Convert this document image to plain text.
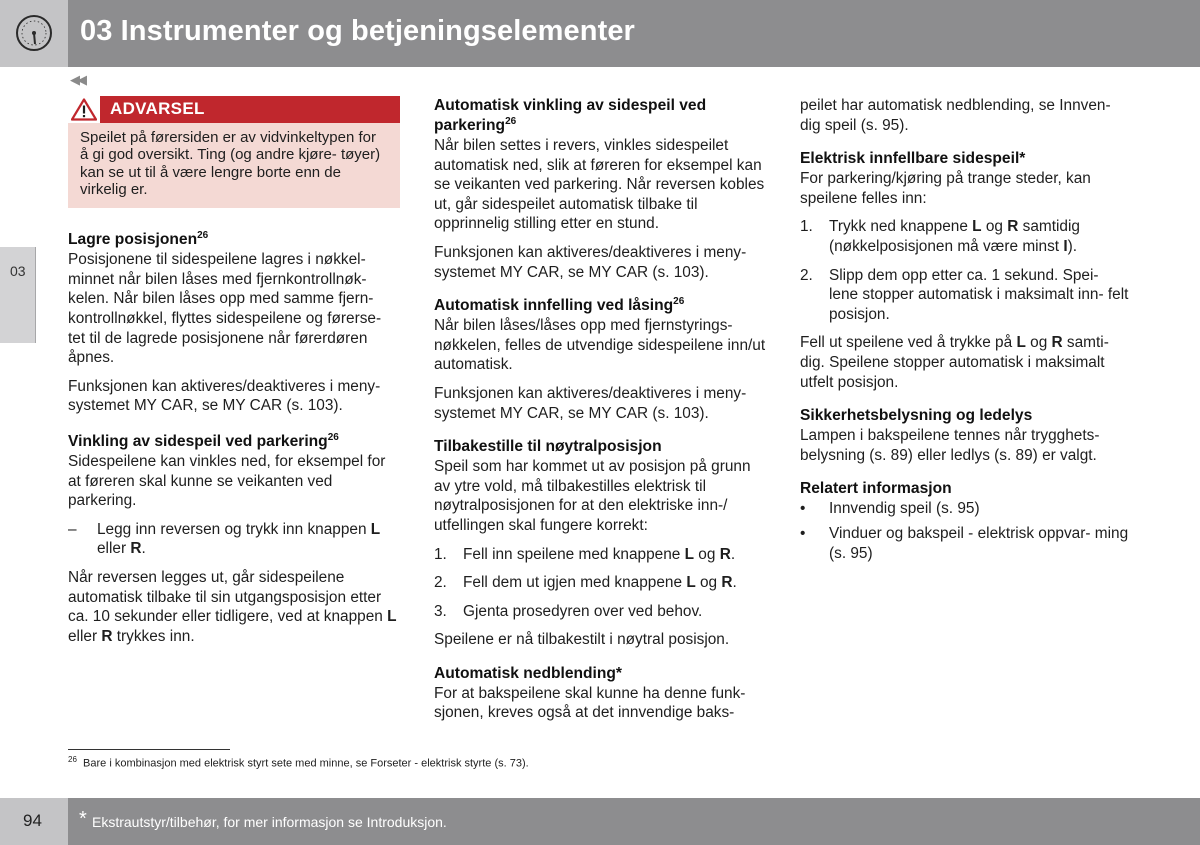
03 Instrumenter og betjeningselementer
◀◀
03
ADVARSEL
Speilet på førersiden er av vidvinkeltypen for å gi god oversikt. Ting (og andre kjøre- tøyer) kan se ut til å være lengre borte enn de virkelig er.
Lagre posisjonen$^{26}$

Posisjonene til sidespeilene lagres i nøkkel- minnet når bilen låses med fjernkontrollnøk- kelen. Når bilen låses opp med samme fjern- kontrollnøkkel, flyttes sidespeilene og førerse- tet til de lagrede posisjonene når førerdøren åpnes.

Funksjonen kan aktiveres/deaktiveres i meny- systemet MY CAR, se MY CAR (s. 103).

Vinkling av sidespeil ved parkering$^{26}$

Sidespeilene kan vinkles ned, for eksempel for at føreren skal kunne se veikanten ved parkering.

– Legg inn reversen og trykk inn knappen L
eller R.

Når reversen legges ut, går sidespeilene automatisk tilbake til sin utgangsposisjon etter ca. 10 sekunder eller tidligere, ved at knappen L eller R trykkes inn.

Automatisk vinkling av sidespeil ved parkering$^{26}$

Når bilen settes i revers, vinkles sidespeilet automatisk ned, slik at føreren for eksempel kan se veikanten ved parkering. Når reversen kobles ut, går sidespeilet automatisk tilbake til opprinnelig stilling etter en stund.

Funksjonen kan aktiveres/deaktiveres i meny- systemet MY CAR, se MY CAR (s. 103).

Automatisk innfelling ved låsing$^{26}$

Når bilen låses/låses opp med fjernstyrings- nøkkelen, felles de utvendige sidespeilene inn/ut automatisk.

Funksjonen kan aktiveres/deaktiveres i meny- systemet MY CAR, se MY CAR (s. 103).

Tilbakestille til nøytralposisjon

Speil som har kommet ut av posisjon på grunn av ytre vold, må tilbakestilles elektrisk til nøytralposisjonen for at den elektriske inn-/ utfellingen skal fungere korrekt:

1. Fell inn speilene med knappene L og R.
2. Fell dem ut igjen med knappene L og R.
3. Gjenta prosedyren over ved behov.

Speilene er nå tilbakestilt i nøytral posisjon.

Automatisk nedblending*

For at bakspeilene skal kunne ha denne funk- sjonen, kreves også at det innvendige baks-

peilet har automatisk nedblending, se Innven- dig speil (s. 95).

Elektrisk innfellbare sidespeil*

For parkering/kjøring på trange steder, kan speilene felles inn:

1. Trykk ned knappene L og R samtidig (nøkkelposisjonen må være minst I).
2. Slipp dem opp etter ca. 1 sekund. Spei- lene stopper automatisk i maksimalt inn- felt posisjon.

Fell ut speilene ved å trykke på L og R samti- dig. Speilene stopper automatisk i maksimalt utfelt posisjon.

Sikkerhetsbelysning og ledelys

Lampen i bakspeilene tennes når trygghets- belysning (s. 89) eller ledlys (s. 89) er valgt.

Relatert informasjon
• Innvendig speil (s. 95)
• Vinduer og bakspeil - elektrisk oppvar- ming (s. 95)
$^{26}$ Bare i kombinasjon med elektrisk styrt sete med minne, se Forseter - elektrisk styrte (s. 73).
94 * Ekstrautstyr/tilbehør, for mer informasjon se Introduksjon.
